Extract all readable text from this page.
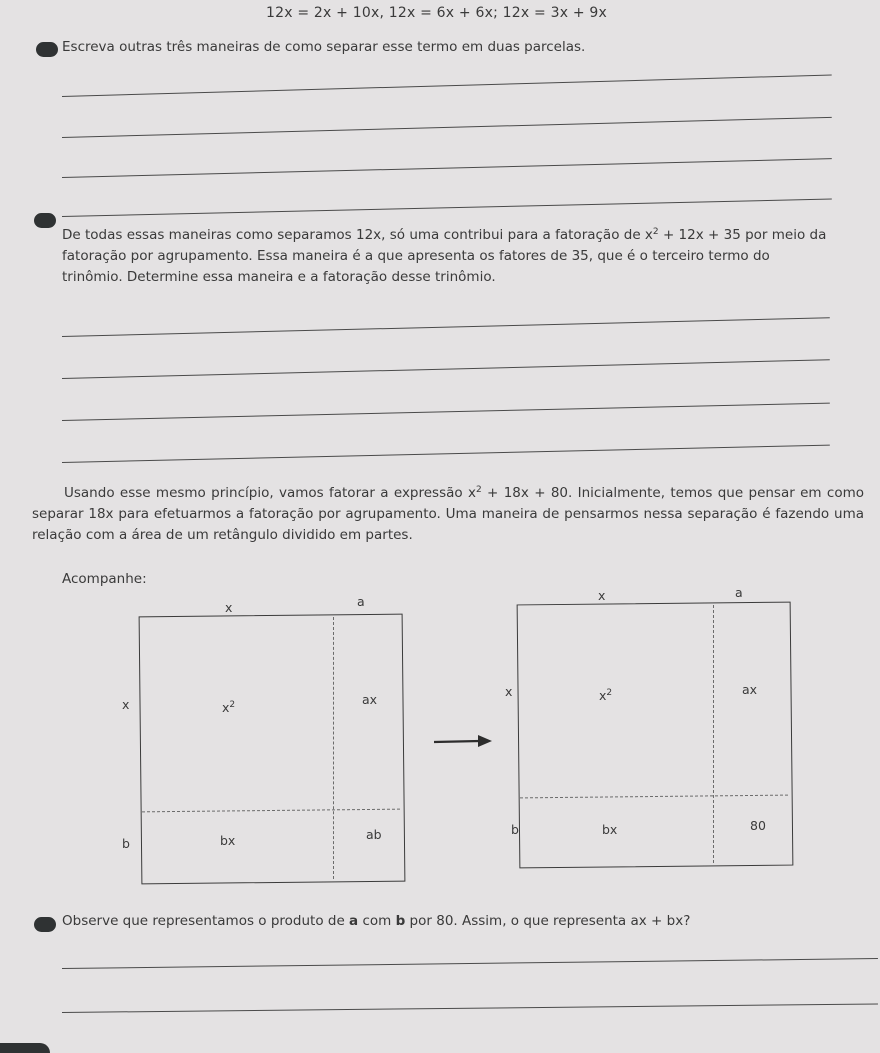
12x = 2x + 10x, 12x = 6x + 6x; 12x = 3x + 9x
Escreva outras três maneiras de como separar esse termo em duas parcelas.
De todas essas maneiras como separamos 12x, só uma contribui para a fatoração de $x^2 + 12x + 35$ por meio da fatoração por agrupamento. Essa maneira é a que apresenta os fatores de 35, que é o terceiro termo do trinômio. Determine essa maneira e a fatoração desse trinômio.
Usando esse mesmo princípio, vamos fatorar a expressão $x^2 + 18x + 80$. Inicialmente, temos que pensar em como separar 18x para efetuarmos a fatoração por agrupamento. Uma maneira de pensarmos nessa separação é fazendo uma relação com a área de um retângulo dividido em partes.
Acompanhe:
x	a
x
b
$x^2$	ax
bx	ab
x	a
x
b
$x^2$	ax
bx	80
Observe que representamos o produto de a com b por 80. Assim, o que representa ax + bx?
